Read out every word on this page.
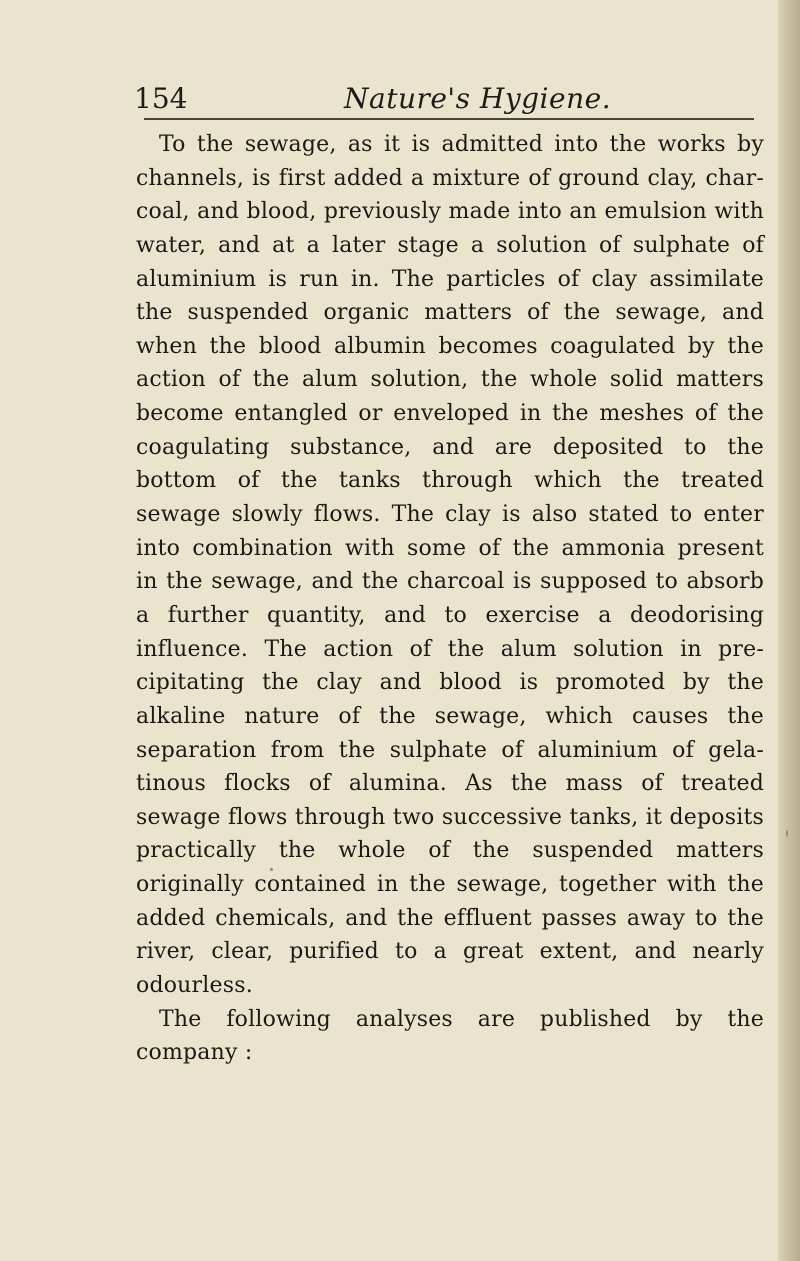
154	Nature's Hygiene.
To the sewage, as it is admitted into the works by
channels, is first added a mixture of ground clay, char-
coal, and blood, previously made into an emulsion with
water, and at a later stage a solution of sulphate of
aluminium is run in. The particles of clay assimilate
the suspended organic matters of the sewage, and
when the blood albumin becomes coagulated by the
action of the alum solution, the whole solid matters
become entangled or enveloped in the meshes of the
coagulating substance, and are deposited to the
bottom of the tanks through which the treated
sewage slowly flows. The clay is also stated to enter
into combination with some of the ammonia present
in the sewage, and the charcoal is supposed to absorb
a further quantity, and to exercise a deodorising
influence. The action of the alum solution in pre-
cipitating the clay and blood is promoted by the
alkaline nature of the sewage, which causes the
separation from the sulphate of aluminium of gela-
tinous flocks of alumina. As the mass of treated
sewage flows through two successive tanks, it deposits
practically the whole of the suspended matters
originally contained in the sewage, together with the
added chemicals, and the effluent passes away to the
river, clear, purified to a great extent, and nearly
odourless.
The following analyses are published by the
company :
